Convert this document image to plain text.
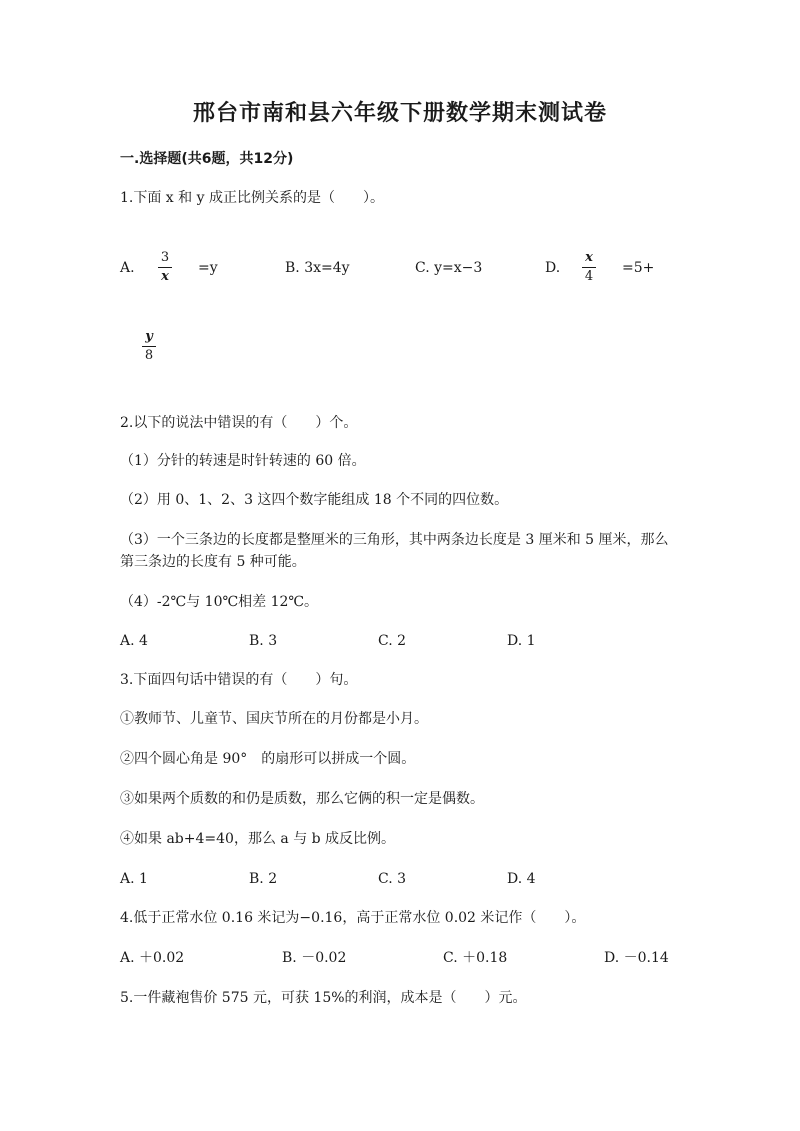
邢台市南和县六年级下册数学期末测试卷
一.选择题(共6题，共12分)
1.下面 x 和 y 成正比例关系的是（　　）。
A.
3
x
=y	B. 3x=4y	C. y=x−3	D.
x
4
=5+
y
8
2.以下的说法中错误的有（　　）个。
（1）分针的转速是时针转速的 60 倍。
（2）用 0、1、2、3 这四个数字能组成 18 个不同的四位数。
（3）一个三条边的长度都是整厘米的三角形，其中两条边长度是 3 厘米和 5 厘米，那么第三条边的长度有 5 种可能。
（4）-2℃与 10℃相差 12℃。
A. 4	B. 3	C. 2	D. 1
3.下面四句话中错误的有（　　）句。
①教师节、儿童节、国庆节所在的月份都是小月。
②四个圆心角是 90°　的扇形可以拼成一个圆。
③如果两个质数的和仍是质数，那么它俩的积一定是偶数。
④如果 ab+4=40，那么 a 与 b 成反比例。
A. 1	B. 2	C. 3	D. 4
4.低于正常水位 0.16 米记为−0.16，高于正常水位 0.02 米记作（　　）。
A. ＋0.02	B. －0.02	C. ＋0.18	D. －0.14
5.一件藏袍售价 575 元，可获 15%的利润，成本是（　　）元。
